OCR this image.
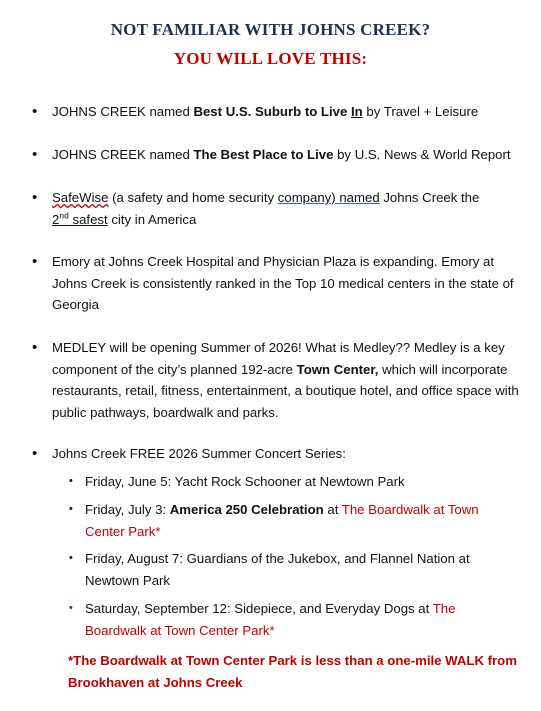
NOT FAMILIAR WITH JOHNS CREEK?
YOU WILL LOVE THIS:
• JOHNS CREEK named Best U.S. Suburb to Live In by Travel + Leisure
• JOHNS CREEK named The Best Place to Live by U.S. News & World Report
• SafeWise (a safety and home security company) named Johns Creek the
2nd safest city in America
• Emory at Johns Creek Hospital and Physician Plaza is expanding. Emory at Johns Creek is consistently ranked in the Top 10 medical centers in the state of Georgia
• MEDLEY will be opening Summer of 2026! What is Medley?? Medley is a key component of the city’s planned 192-acre Town Center, which will incorporate restaurants, retail, fitness, entertainment, a boutique hotel, and office space with public pathways, boardwalk and parks.
• Johns Creek FREE 2026 Summer Concert Series:
• Friday, June 5: Yacht Rock Schooner at Newtown Park
• Friday, July 3: America 250 Celebration at The Boardwalk at Town Center Park*
• Friday, August 7: Guardians of the Jukebox, and Flannel Nation at Newtown Park
• Saturday, September 12: Sidepiece, and Everyday Dogs at The Boardwalk at Town Center Park*
*The Boardwalk at Town Center Park is less than a one-mile WALK from Brookhaven at Johns Creek
